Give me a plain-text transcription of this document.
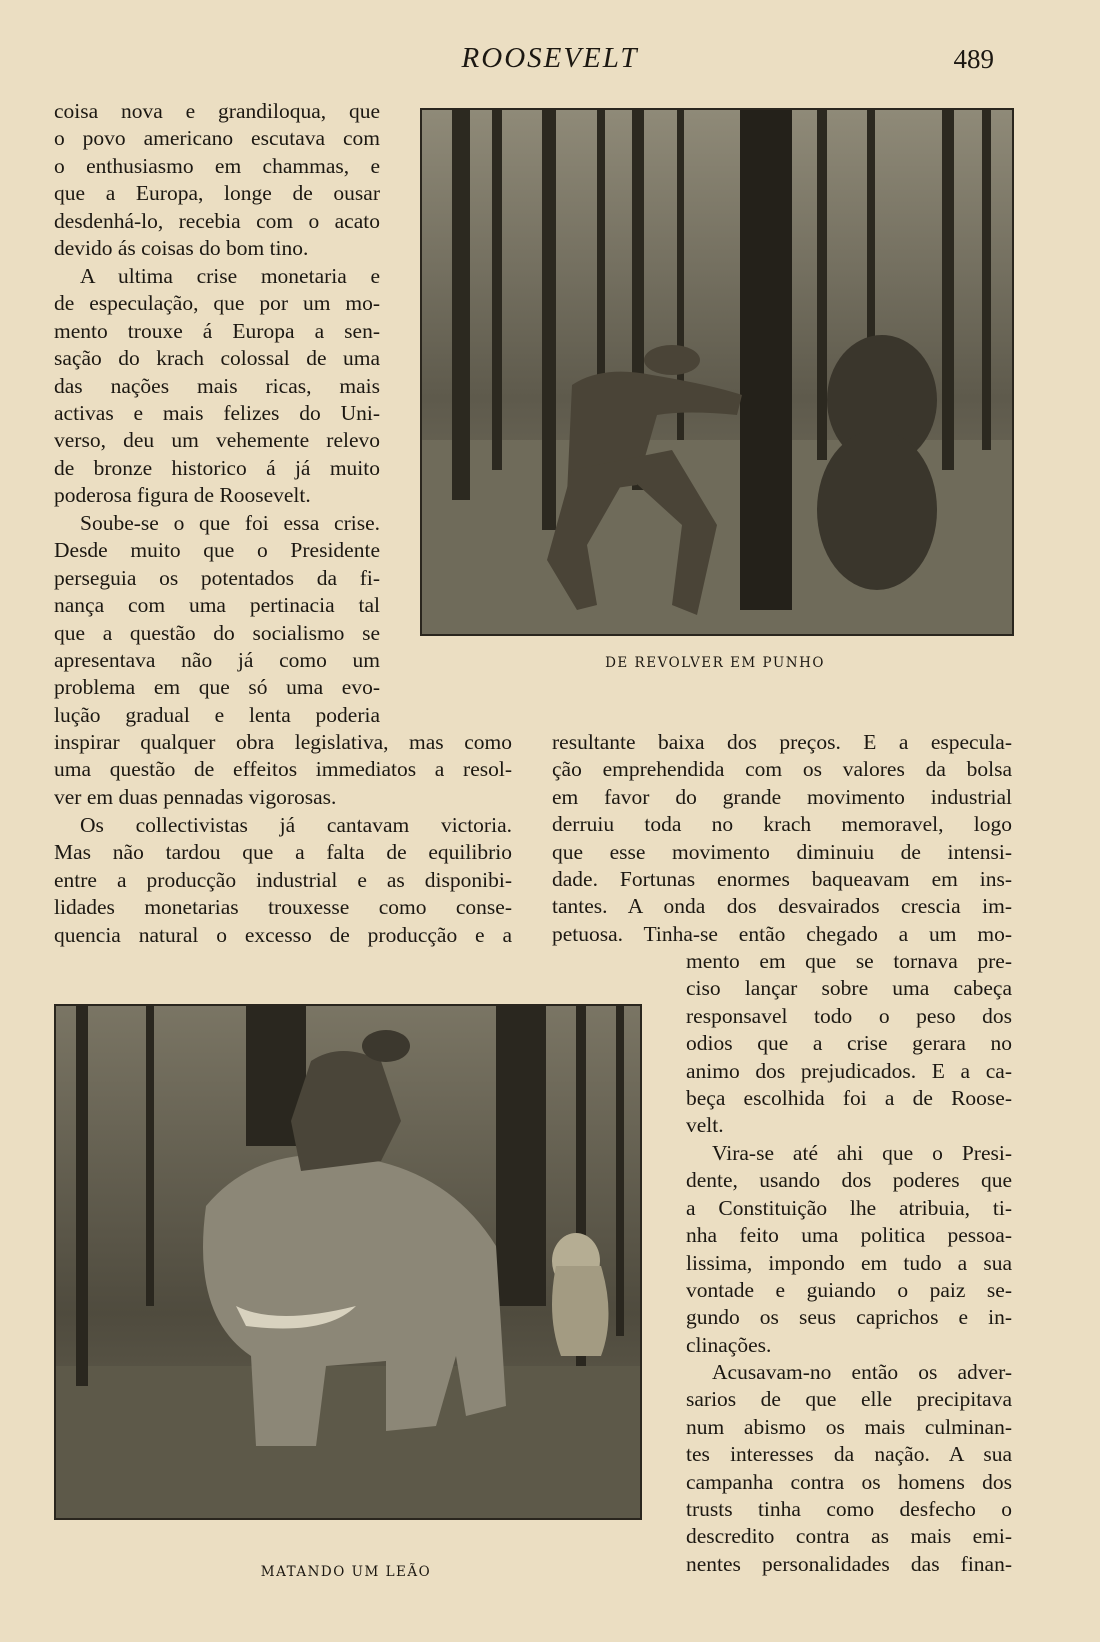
ROOSEVELT	489
coisa nova e grandiloqua, que
o povo americano escutava com
o enthusiasmo em chammas, e
que a Europa, longe de ousar
desdenhá-lo, recebia com o acato
devido ás coisas do bom tino.
A ultima crise monetaria e
de especulação, que por um mo-
mento trouxe á Europa a sen-
sação do krach colossal de uma
das nações mais ricas, mais
activas e mais felizes do Uni-
verso, deu um vehemente relevo
de bronze historico á já muito
poderosa figura de Roosevelt.
Soube-se o que foi essa crise.
Desde muito que o Presidente
perseguia os potentados da fi-
nança com uma pertinacia tal
que a questão do socialismo se
apresentava não já como um
problema em que só uma evo-
lução gradual e lenta poderia
inspirar qualquer obra legislativa, mas como
uma questão de effeitos immediatos a resol-
ver em duas pennadas vigorosas.
Os collectivistas já cantavam victoria.
Mas não tardou que a falta de equilibrio
entre a producção industrial e as disponibi-
lidades monetarias trouxesse como conse-
quencia natural o excesso de producção e a
DE REVOLVER EM PUNHO
resultante baixa dos preços. E a especula-
ção emprehendida com os valores da bolsa
em favor do grande movimento industrial
derruiu toda no krach memoravel, logo
que esse movimento diminuiu de intensi-
dade. Fortunas enormes baqueavam em ins-
tantes. A onda dos desvairados crescia im-
petuosa. Tinha-se então chegado a um mo-
mento em que se tornava pre-
ciso lançar sobre uma cabeça
responsavel todo o peso dos
odios que a crise gerara no
animo dos prejudicados. E a ca-
beça escolhida foi a de Roose-
velt.
Vira-se até ahi que o Presi-
dente, usando dos poderes que
a Constituição lhe atribuia, ti-
nha feito uma politica pessoa-
lissima, impondo em tudo a sua
vontade e guiando o paiz se-
gundo os seus caprichos e in-
clinações.
Acusavam-no então os adver-
sarios de que elle precipitava
num abismo os mais culminan-
tes interesses da nação. A sua
campanha contra os homens dos
trusts tinha como desfecho o
descredito contra as mais emi-
nentes personalidades das finan-
MATANDO UM LEÃO
